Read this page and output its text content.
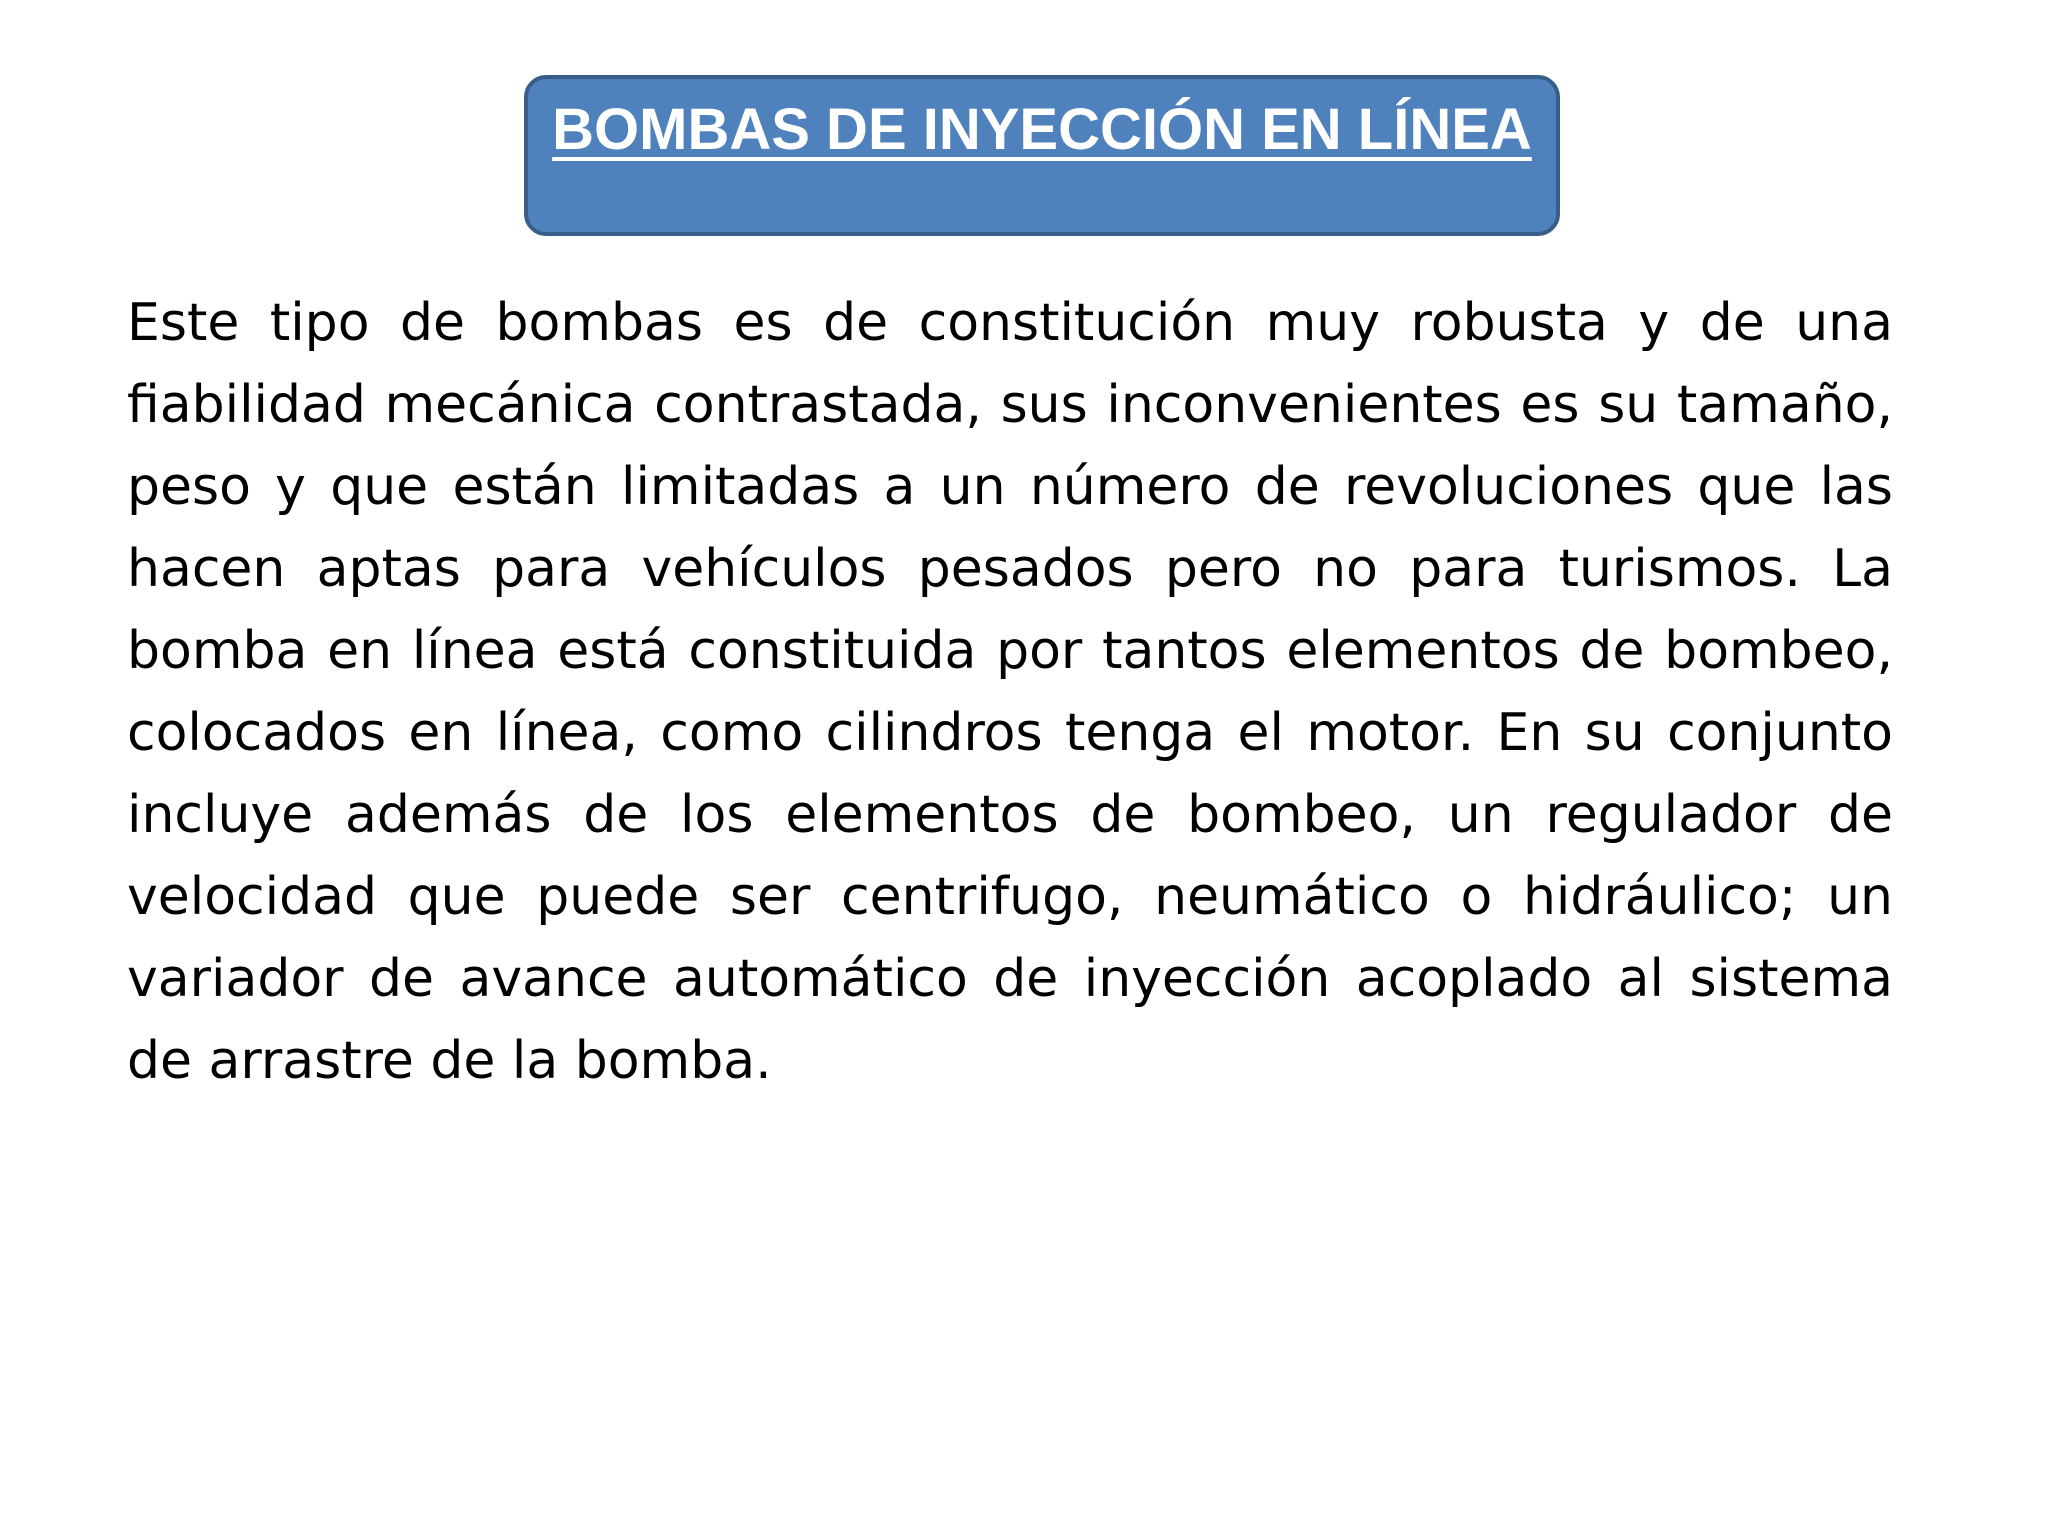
BOMBAS DE INYECCIÓN EN LÍNEA

Este tipo de bombas es de constitución muy robusta y de una fiabilidad mecánica contrastada, sus inconvenientes es su tamaño, peso y que están limitadas a un número de revoluciones que las hacen aptas para vehículos pesados pero no para turismos. La bomba en línea está constituida por tantos elementos de bombeo, colocados en línea, como cilindros tenga el motor. En su conjunto incluye además de los elementos de bombeo, un regulador de velocidad que puede ser centrifugo, neumático o hidráulico; un variador de avance automático de inyección acoplado al sistema de arrastre de la bomba.
